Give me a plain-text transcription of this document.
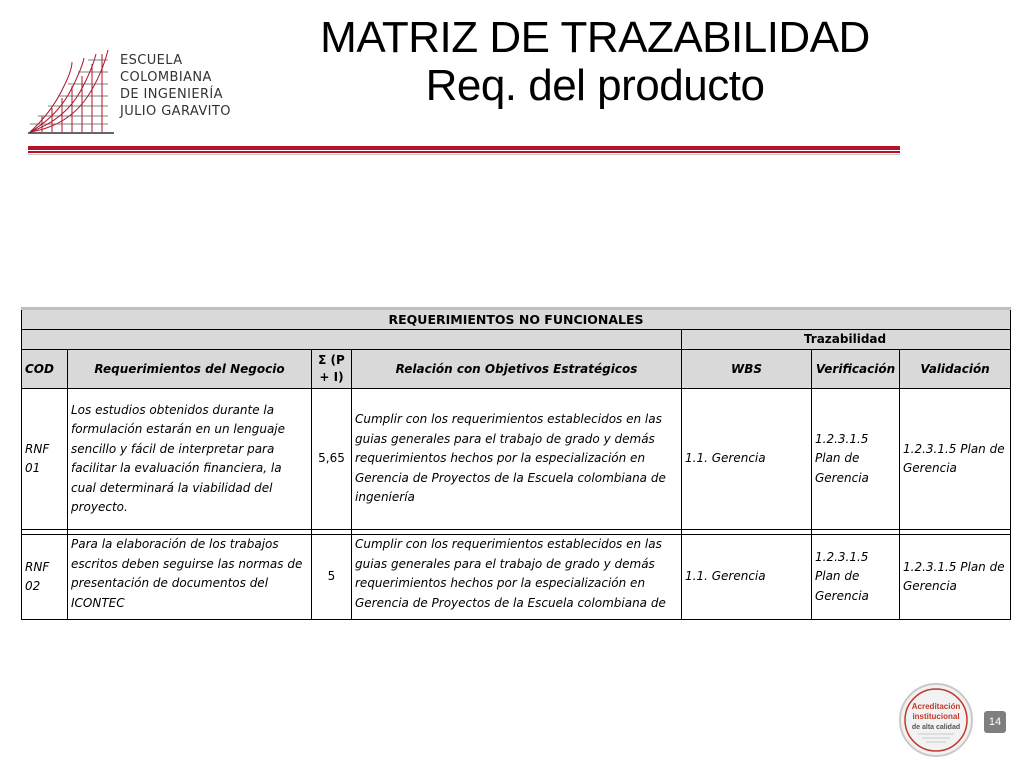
ESCUELA
COLOMBIANA
DE INGENIERÍA
JULIO GARAVITO
MATRIZ DE TRAZABILIDAD
Req. del producto
REQUERIMIENTOS NO FUNCIONALES						
				Trazabilidad		
COD	Requerimientos del Negocio	Σ (P + I)	Relación con Objetivos Estratégicos	WBS	Verificación	Validación
RNF 01	Los estudios obtenidos durante la formulación estarán en un lenguaje sencillo y fácil de interpretar para facilitar la evaluación financiera, la cual determinará la viabilidad del proyecto.	5,65	Cumplir con los requerimientos establecidos en las guias generales para el trabajo de grado y demás requerimientos hechos por la especialización en Gerencia de Proyectos de la Escuela colombiana de ingeniería	1.1. Gerencia	1.2.3.1.5 Plan de Gerencia	1.2.3.1.5 Plan de Gerencia

RNF 02	Para la elaboración de los trabajos escritos deben seguirse las normas de presentación de documentos del ICONTEC	5	Cumplir con los requerimientos establecidos en las guias generales para el trabajo de grado y demás requerimientos hechos por la especialización en Gerencia de Proyectos de la Escuela colombiana de	1.1. Gerencia	1.2.3.1.5 Plan de Gerencia	1.2.3.1.5 Plan de Gerencia
Acreditación
institucional
de alta calidad	14
